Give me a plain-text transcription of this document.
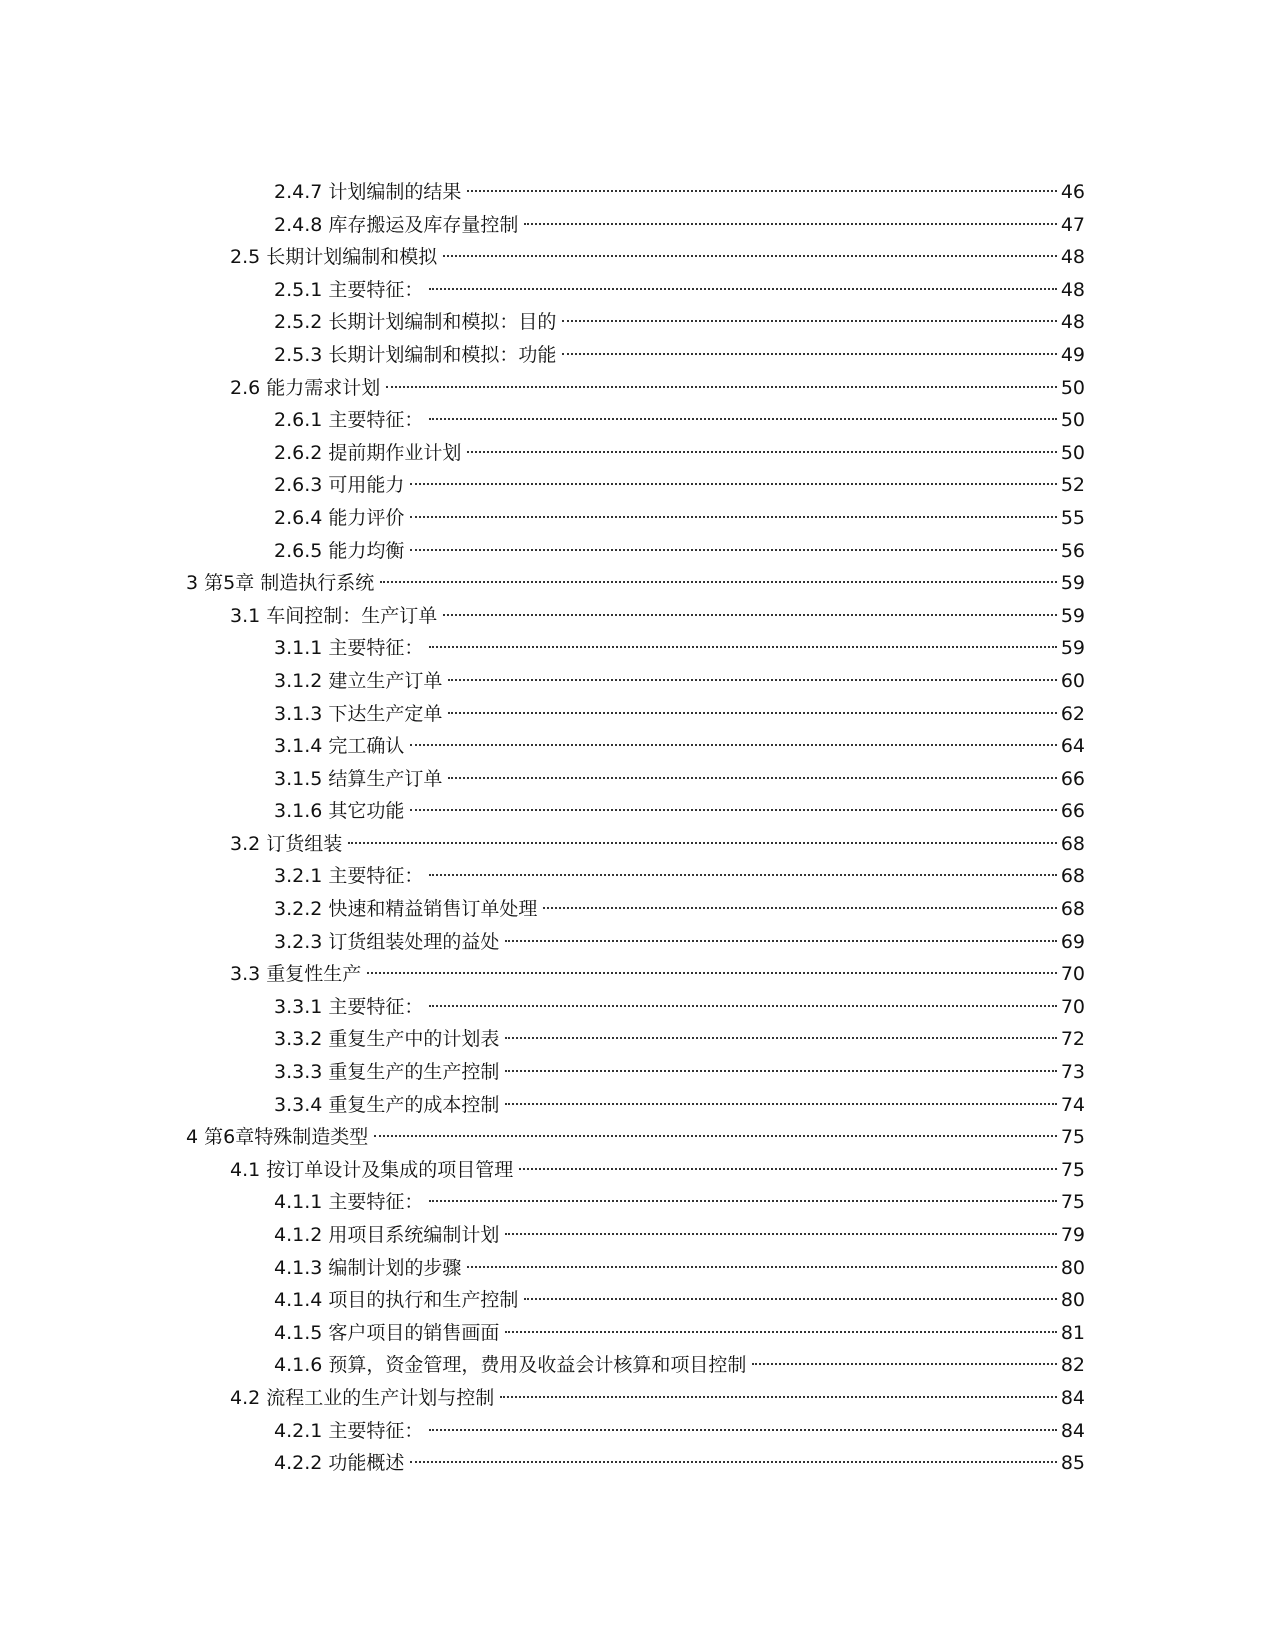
2.4.7 计划编制的结果	46
2.4.8 库存搬运及库存量控制	47
2.5 长期计划编制和模拟	48
2.5.1 主要特征：	48
2.5.2 长期计划编制和模拟：目的	48
2.5.3 长期计划编制和模拟：功能	49
2.6 能力需求计划	50
2.6.1 主要特征：	50
2.6.2 提前期作业计划	50
2.6.3 可用能力	52
2.6.4 能力评价	55
2.6.5 能力均衡	56
3 第5章 制造执行系统	59
3.1 车间控制：生产订单	59
3.1.1 主要特征：	59
3.1.2 建立生产订单	60
3.1.3 下达生产定单	62
3.1.4 完工确认	64
3.1.5 结算生产订单	66
3.1.6 其它功能	66
3.2 订货组装	68
3.2.1 主要特征：	68
3.2.2 快速和精益销售订单处理	68
3.2.3 订货组装处理的益处	69
3.3 重复性生产	70
3.3.1 主要特征：	70
3.3.2 重复生产中的计划表	72
3.3.3 重复生产的生产控制	73
3.3.4 重复生产的成本控制	74
4 第6章特殊制造类型	75
4.1 按订单设计及集成的项目管理	75
4.1.1 主要特征：	75
4.1.2 用项目系统编制计划	79
4.1.3 编制计划的步骤	80
4.1.4 项目的执行和生产控制	80
4.1.5 客户项目的销售画面	81
4.1.6 预算，资金管理，费用及收益会计核算和项目控制	82
4.2 流程工业的生产计划与控制	84
4.2.1 主要特征：	84
4.2.2 功能概述	85
